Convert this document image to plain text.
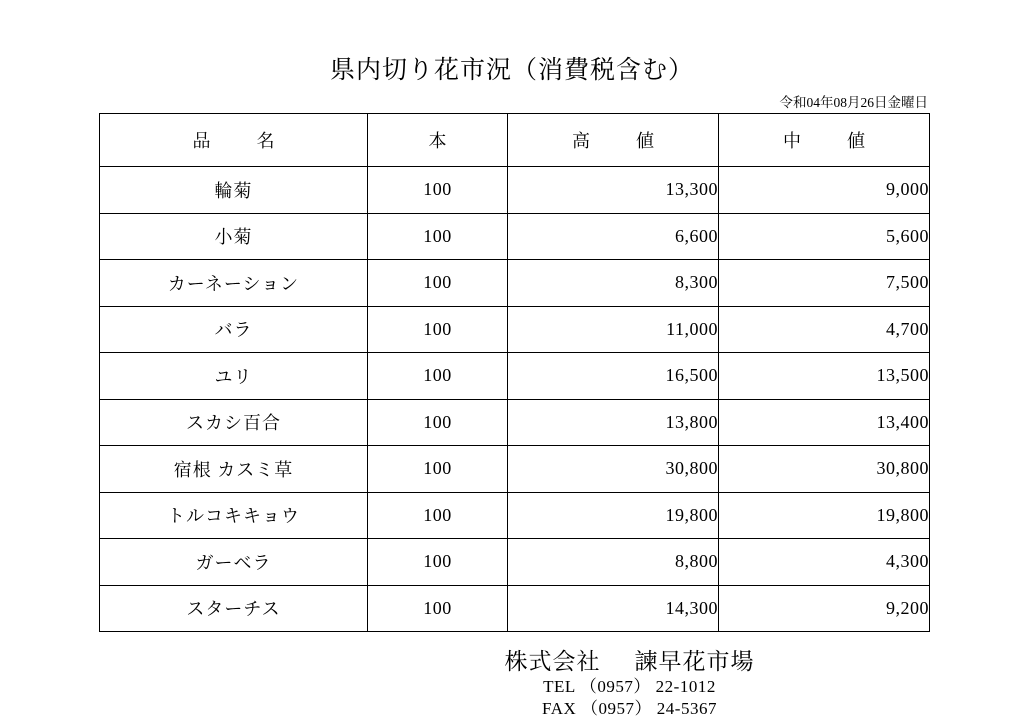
県内切り花市況（消費税含む）
令和04年08月26日金曜日
品　名	本	高　値	中　値
輪菊	100	13,300	9,000
小菊	100	6,600	5,600
カーネーション	100	8,300	7,500
バラ	100	11,000	4,700
ユリ	100	16,500	13,500
スカシ百合	100	13,800	13,400
宿根 カスミ草	100	30,800	30,800
トルコキキョウ	100	19,800	19,800
ガーベラ	100	8,800	4,300
スターチス	100	14,300	9,200
株式会社 諫早花市場
TEL （0957） 22-1012
FAX （0957） 24-5367
